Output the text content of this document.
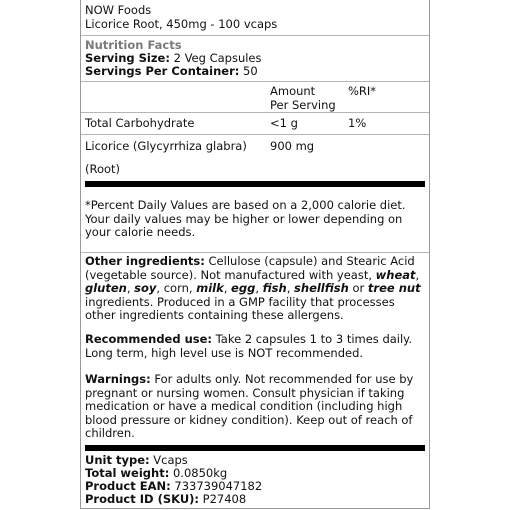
NOW Foods
Licorice Root, 450mg - 100 vcaps
Nutrition Facts
Serving Size: 2 Veg Capsules
Servings Per Container: 50
Amount
Per Serving
%RI*
Total Carbohydrate	<1 g	1%
Licorice (Glycyrrhiza glabra) 900 mg
(Root)
*Percent Daily Values are based on a 2,000 calorie diet.
Your daily values may be higher or lower depending on
your calorie needs.
Other ingredients: Cellulose (capsule) and Stearic Acid
(vegetable source). Not manufactured with yeast, wheat,
gluten, soy, corn, milk, egg, fish, shellfish or tree nut
ingredients. Produced in a GMP facility that processes
other ingredients containing these allergens.
Recommended use: Take 2 capsules 1 to 3 times daily.
Long term, high level use is NOT recommended.
Warnings: For adults only. Not recommended for use by
pregnant or nursing women. Consult physician if taking
medication or have a medical condition (including high
blood pressure or kidney condition). Keep out of reach of
children.
Unit type: Vcaps
Total weight: 0.0850kg
Product EAN: 733739047182
Product ID (SKU): P27408
